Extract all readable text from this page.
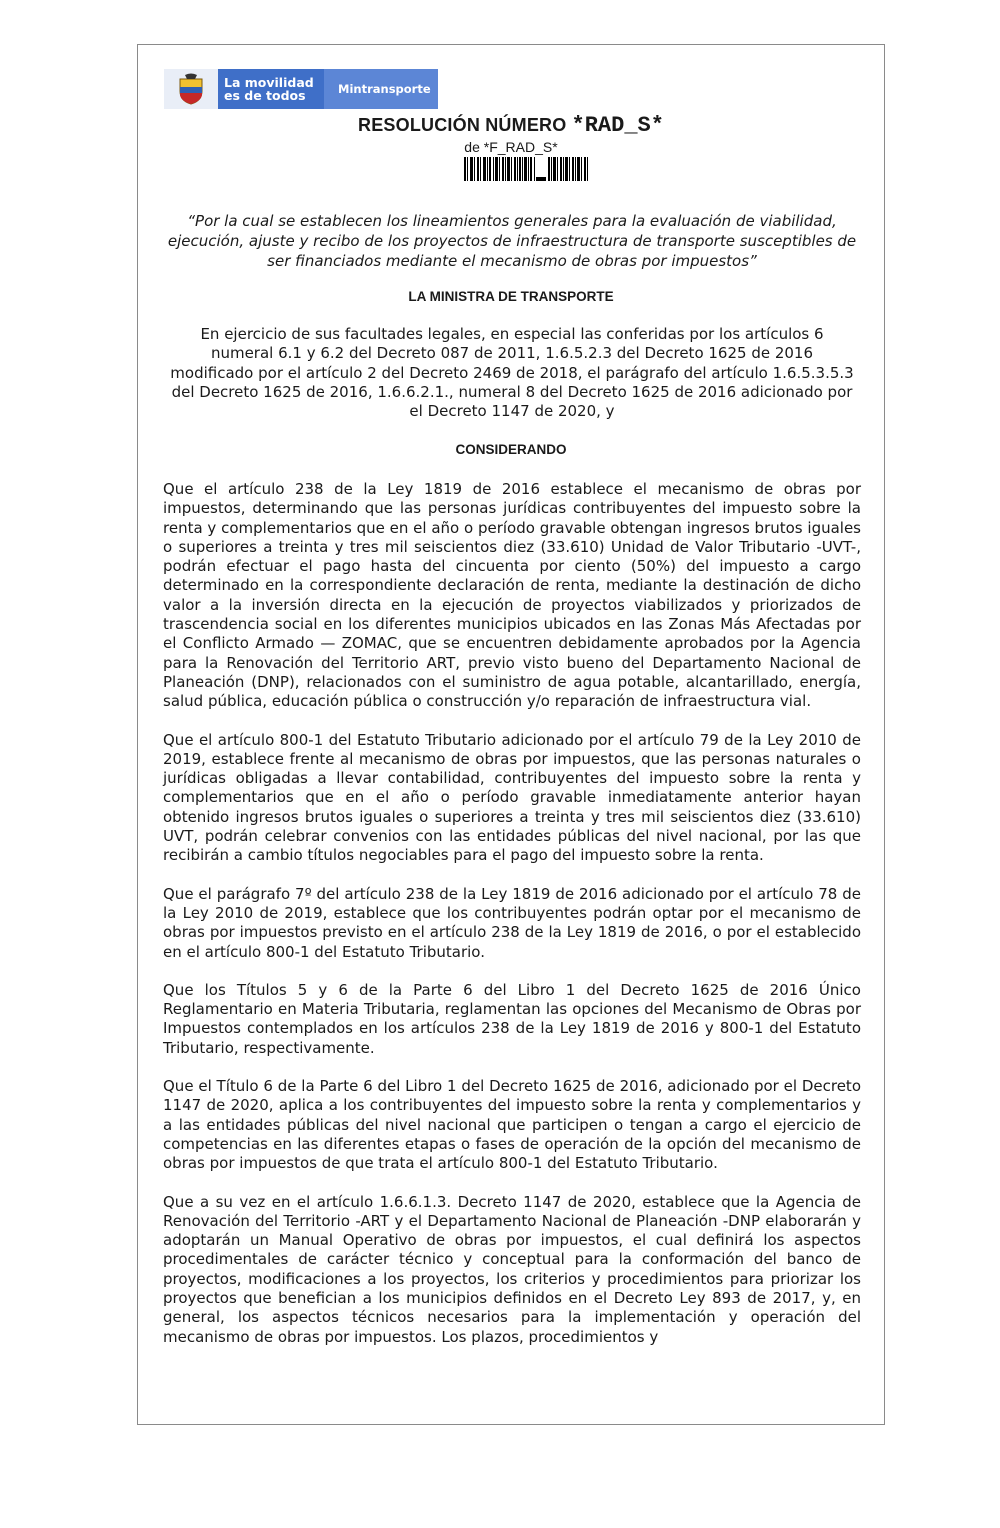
La movilidad
es de todos	Mintransporte
RESOLUCIÓN NÚMERO *RAD_S*
de *F_RAD_S*
“Por la cual se establecen los lineamientos generales para la evaluación de viabilidad, ejecución, ajuste y recibo de los proyectos de infraestructura de transporte susceptibles de ser financiados mediante el mecanismo de obras por impuestos”
LA MINISTRA DE TRANSPORTE
En ejercicio de sus facultades legales, en especial las conferidas por los artículos 6 numeral 6.1 y 6.2 del Decreto 087 de 2011, 1.6.5.2.3 del Decreto 1625 de 2016 modificado por el artículo 2 del Decreto 2469 de 2018, el parágrafo del artículo 1.6.5.3.5.3 del Decreto 1625 de 2016, 1.6.6.2.1., numeral 8 del Decreto 1625 de 2016 adicionado por el Decreto 1147 de 2020, y
CONSIDERANDO

Que el artículo 238 de la Ley 1819 de 2016 establece el mecanismo de obras por impuestos, determinando que las personas jurídicas contribuyentes del impuesto sobre la renta y complementarios que en el año o período gravable obtengan ingresos brutos iguales o superiores a treinta y tres mil seiscientos diez (33.610) Unidad de Valor Tributario -UVT-, podrán efectuar el pago hasta del cincuenta por ciento (50%) del impuesto a cargo determinado en la correspondiente declaración de renta, mediante la destinación de dicho valor a la inversión directa en la ejecución de proyectos viabilizados y priorizados de trascendencia social en los diferentes municipios ubicados en las Zonas Más Afectadas por el Conflicto Armado — ZOMAC, que se encuentren debidamente aprobados por la Agencia para la Renovación del Territorio ART, previo visto bueno del Departamento Nacional de Planeación (DNP), relacionados con el suministro de agua potable, alcantarillado, energía, salud pública, educación pública o construcción y/o reparación de infraestructura vial.

Que el artículo 800-1 del Estatuto Tributario adicionado por el artículo 79 de la Ley 2010 de 2019, establece frente al mecanismo de obras por impuestos, que las personas naturales o jurídicas obligadas a llevar contabilidad, contribuyentes del impuesto sobre la renta y complementarios que en el año o período gravable inmediatamente anterior hayan obtenido ingresos brutos iguales o superiores a treinta y tres mil seiscientos diez (33.610) UVT, podrán celebrar convenios con las entidades públicas del nivel nacional, por las que recibirán a cambio títulos negociables para el pago del impuesto sobre la renta.

Que el parágrafo 7º del artículo 238 de la Ley 1819 de 2016 adicionado por el artículo 78 de la Ley 2010 de 2019, establece que los contribuyentes podrán optar por el mecanismo de obras por impuestos previsto en el artículo 238 de la Ley 1819 de 2016, o por el establecido en el artículo 800-1 del Estatuto Tributario.

Que los Títulos 5 y 6 de la Parte 6 del Libro 1 del Decreto 1625 de 2016 Único Reglamentario en Materia Tributaria, reglamentan las opciones del Mecanismo de Obras por Impuestos contemplados en los artículos 238 de la Ley 1819 de 2016 y 800-1 del Estatuto Tributario, respectivamente.

Que el Título 6 de la Parte 6 del Libro 1 del Decreto 1625 de 2016, adicionado por el Decreto 1147 de 2020, aplica a los contribuyentes del impuesto sobre la renta y complementarios y a las entidades públicas del nivel nacional que participen o tengan a cargo el ejercicio de competencias en las diferentes etapas o fases de operación de la opción del mecanismo de obras por impuestos de que trata el artículo 800-1 del Estatuto Tributario.

Que a su vez en el artículo 1.6.6.1.3. Decreto 1147 de 2020, establece que la Agencia de Renovación del Territorio -ART y el Departamento Nacional de Planeación -DNP elaborarán y adoptarán un Manual Operativo de obras por impuestos, el cual definirá los aspectos procedimentales de carácter técnico y conceptual para la conformación del banco de proyectos, modificaciones a los proyectos, los criterios y procedimientos para priorizar los proyectos que benefician a los municipios definidos en el Decreto Ley 893 de 2017, y, en general, los aspectos técnicos necesarios para la implementación y operación del mecanismo de obras por impuestos. Los plazos, procedimientos y
